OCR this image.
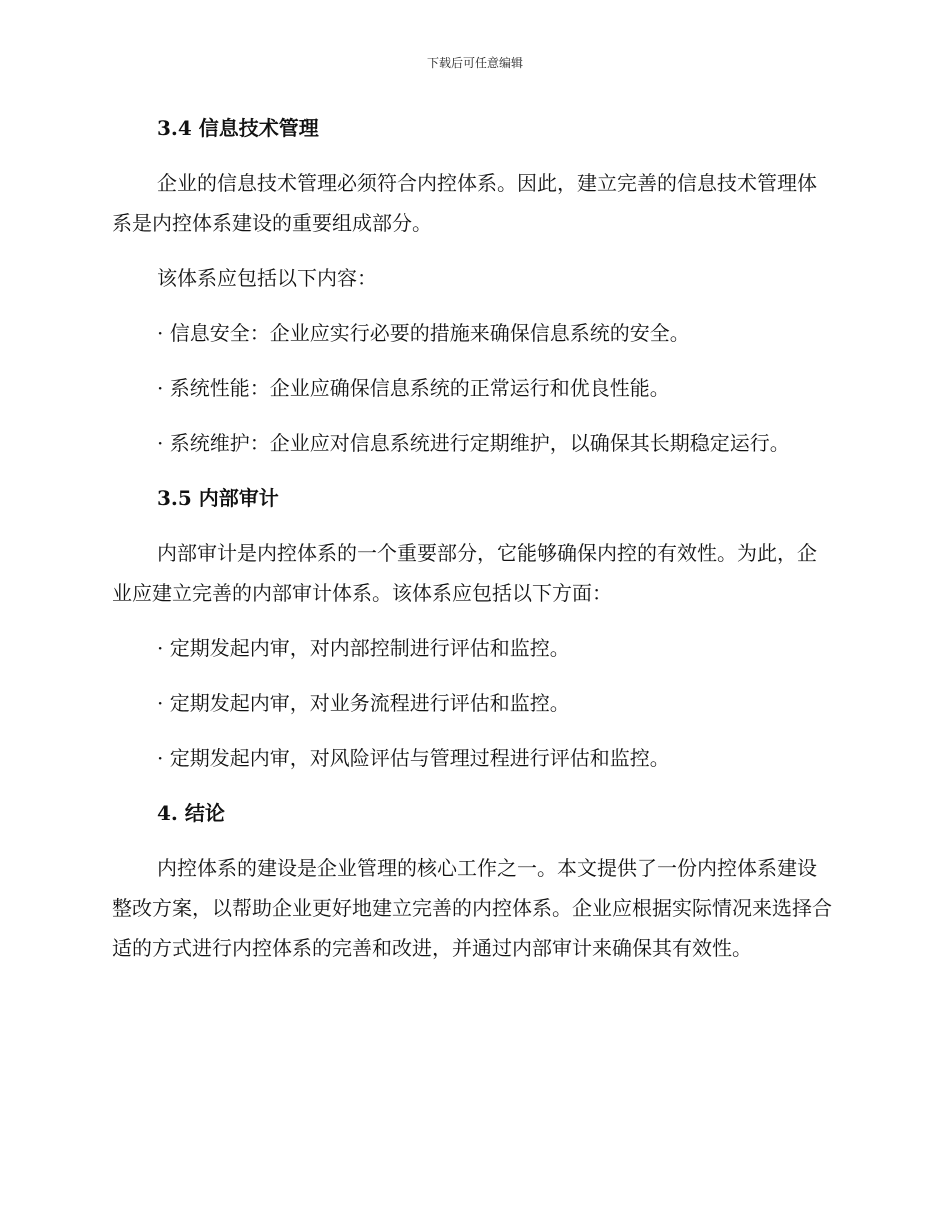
下载后可任意编辑
3.4 信息技术管理

企业的信息技术管理必须符合内控体系。因此，建立完善的信息技术管理体系是内控体系建设的重要组成部分。

该体系应包括以下内容：

· 信息安全：企业应实行必要的措施来确保信息系统的安全。

· 系统性能：企业应确保信息系统的正常运行和优良性能。

· 系统维护：企业应对信息系统进行定期维护，以确保其长期稳定运行。

3.5 内部审计

内部审计是内控体系的一个重要部分，它能够确保内控的有效性。为此，企业应建立完善的内部审计体系。该体系应包括以下方面：

· 定期发起内审，对内部控制进行评估和监控。

· 定期发起内审，对业务流程进行评估和监控。

· 定期发起内审，对风险评估与管理过程进行评估和监控。

4. 结论

内控体系的建设是企业管理的核心工作之一。本文提供了一份内控体系建设整改方案，以帮助企业更好地建立完善的内控体系。企业应根据实际情况来选择合适的方式进行内控体系的完善和改进，并通过内部审计来确保其有效性。
